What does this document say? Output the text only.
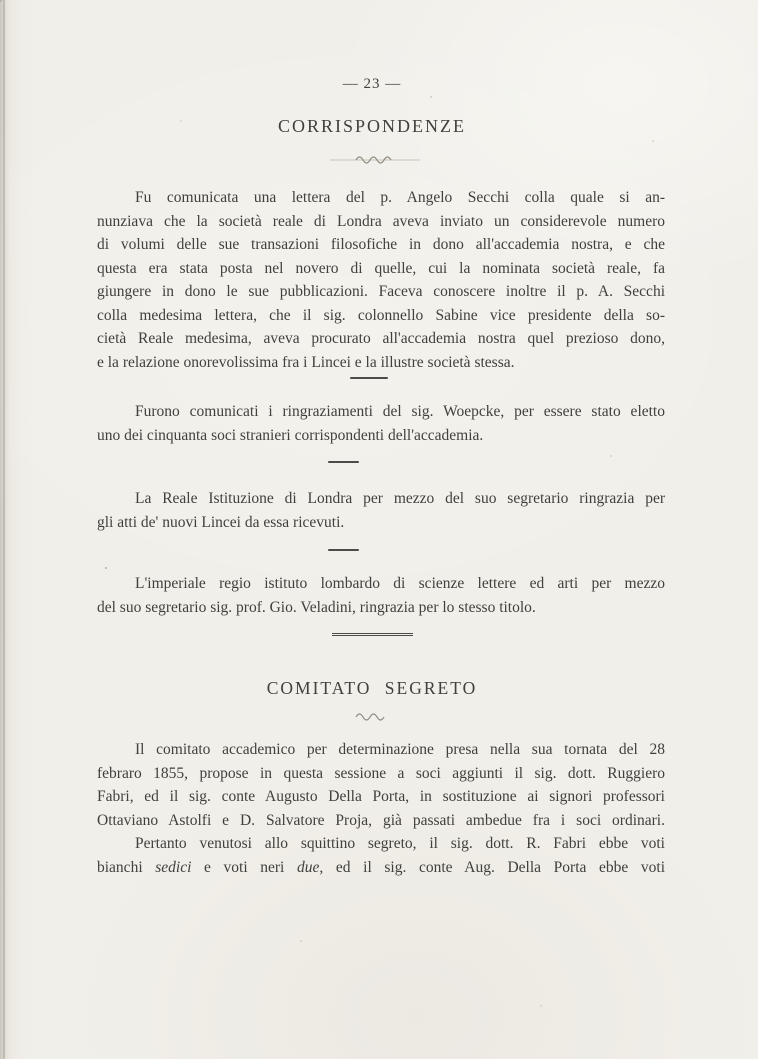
— 23 —
CORRISPONDENZE
Fu comunicata una lettera del p. Angelo Secchi colla quale si an-
nunziava che la società reale di Londra aveva inviato un considerevole numero
di volumi delle sue transazioni filosofiche in dono all'accademia nostra, e che
questa era stata posta nel novero di quelle, cui la nominata società reale, fa
giungere in dono le sue pubblicazioni. Faceva conoscere inoltre il p. A. Secchi
colla medesima lettera, che il sig. colonnello Sabine vice presidente della so-
cietà Reale medesima, aveva procurato all'accademia nostra quel prezioso dono,
e la relazione onorevolissima fra i Lincei e la illustre società stessa.
Furono comunicati i ringraziamenti del sig. Woepcke, per essere stato eletto
uno dei cinquanta soci stranieri corrispondenti dell'accademia.
La Reale Istituzione di Londra per mezzo del suo segretario ringrazia per
gli atti de' nuovi Lincei da essa ricevuti.
L'imperiale regio istituto lombardo di scienze lettere ed arti per mezzo
del suo segretario sig. prof. Gio. Veladini, ringrazia per lo stesso titolo.
COMITATO SEGRETO
Il comitato accademico per determinazione presa nella sua tornata del 28
febraro 1855, propose in questa sessione a soci aggiunti il sig. dott. Ruggiero
Fabri, ed il sig. conte Augusto Della Porta, in sostituzione ai signori professori
Ottaviano Astolfi e D. Salvatore Proja, già passati ambedue fra i soci ordinari.
Pertanto venutosi allo squittino segreto, il sig. dott. R. Fabri ebbe voti
bianchi sedici e voti neri due, ed il sig. conte Aug. Della Porta ebbe voti
